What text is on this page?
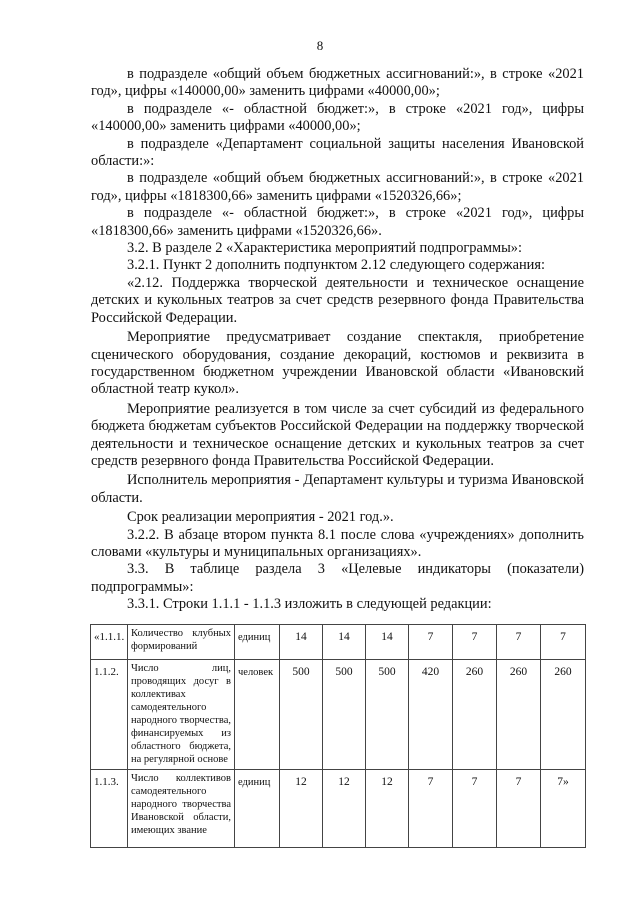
8

в подразделе «общий объем бюджетных ассигнований:», в строке «2021 год», цифры «140000,00» заменить цифрами «40000,00»;

в подразделе «- областной бюджет:», в строке «2021 год», цифры «140000,00» заменить цифрами «40000,00»;

в подразделе «Департамент социальной защиты населения Ивановской области:»:

в подразделе «общий объем бюджетных ассигнований:», в строке «2021 год», цифры «1818300,66» заменить цифрами «1520326,66»;

в подразделе «- областной бюджет:», в строке «2021 год», цифры «1818300,66» заменить цифрами «1520326,66».

3.2. В разделе 2 «Характеристика мероприятий подпрограммы»:

3.2.1. Пункт 2 дополнить подпунктом 2.12 следующего содержания:

«2.12. Поддержка творческой деятельности и техническое оснащение детских и кукольных театров за счет средств резервного фонда Правительства Российской Федерации.

Мероприятие предусматривает создание спектакля, приобретение сценического оборудования, создание декораций, костюмов и реквизита в государственном бюджетном учреждении Ивановской области «Ивановский областной театр кукол».

Мероприятие реализуется в том числе за счет субсидий из федерального бюджета бюджетам субъектов Российской Федерации на поддержку творческой деятельности и техническое оснащение детских и кукольных театров за счет средств резервного фонда Правительства Российской Федерации.

Исполнитель мероприятия - Департамент культуры и туризма Ивановской области.

Срок реализации мероприятия - 2021 год.».

3.2.2. В абзаце втором пункта 8.1 после слова «учреждениях» дополнить словами «культуры и муниципальных организациях».

3.3. В таблице раздела 3 «Целевые индикаторы (показатели) подпрограммы»:

3.3.1. Строки 1.1.1 - 1.1.3 изложить в следующей редакции:

«1.1.1.	Количество клубных формирований	единиц	14	14	14	7	7	7	7
1.1.2.	Число лиц, проводящих досуг в коллективах самодеятельного народного творчества, финансируемых из областного бюджета, на регулярной основе	человек	500	500	500	420	260	260	260
1.1.3.	Число коллективов самодеятельного народного творчества Ивановской области, имеющих звание	единиц	12	12	12	7	7	7	7»
